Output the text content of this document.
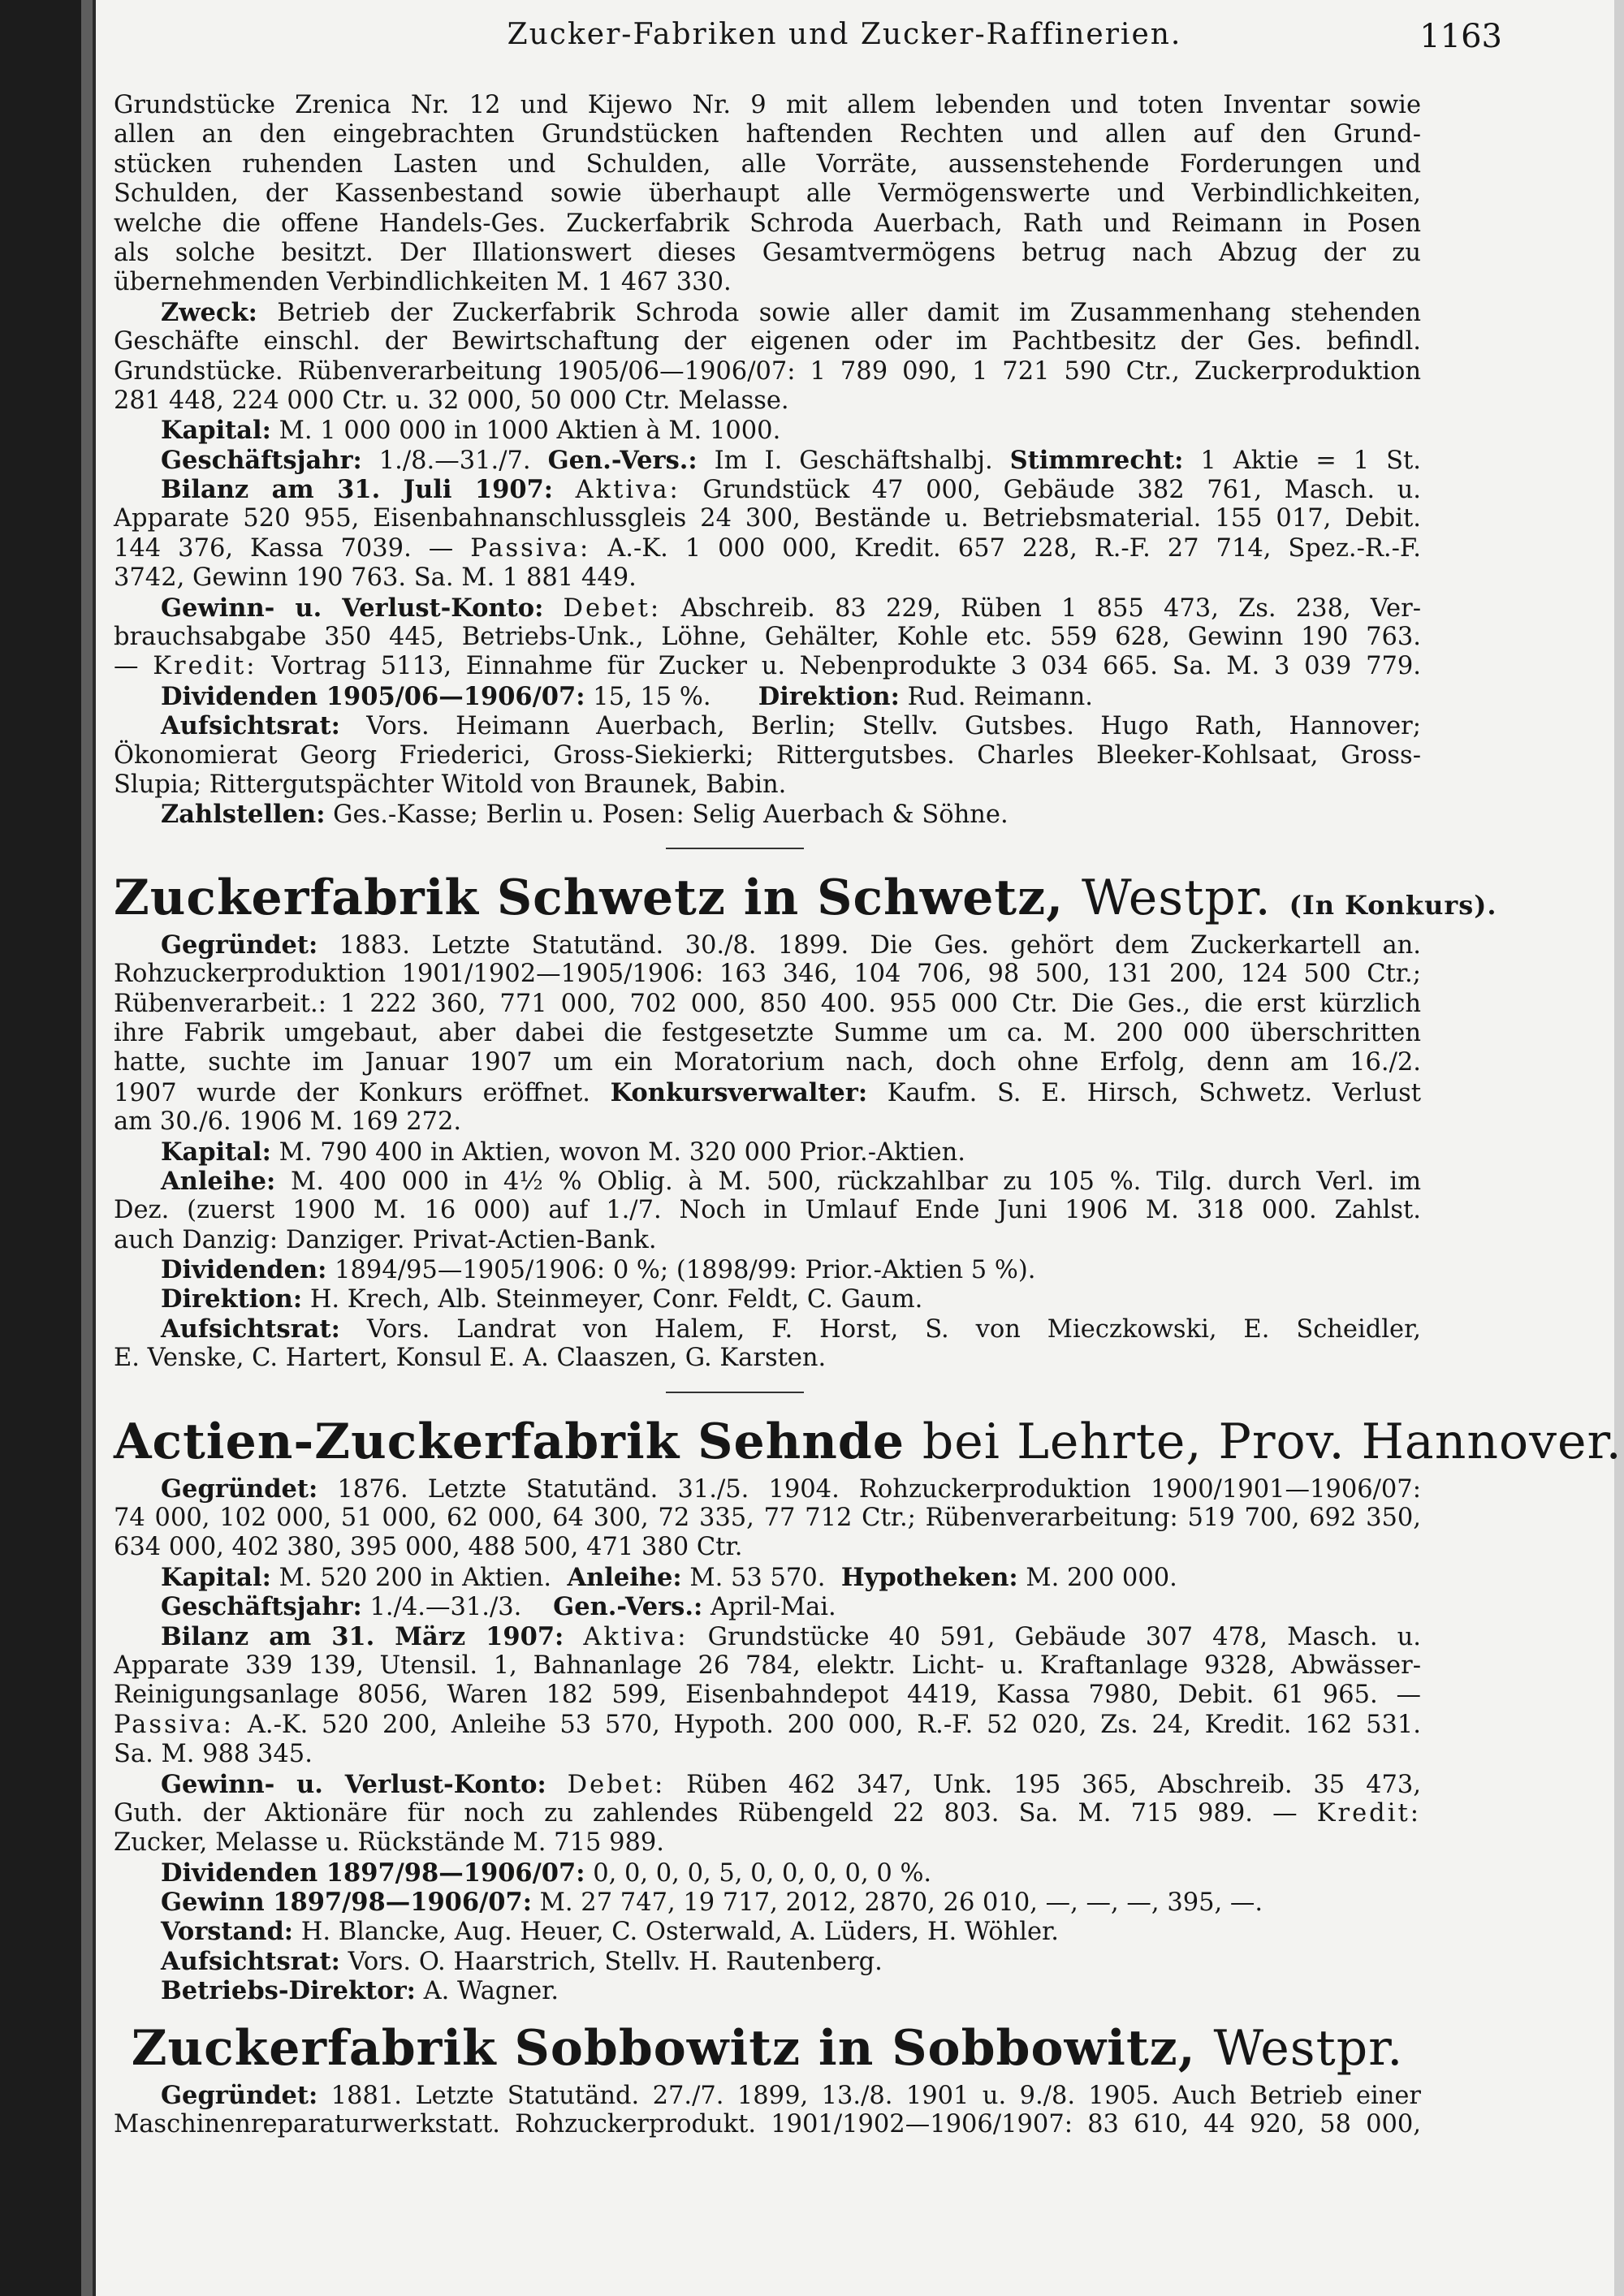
Zucker-Fabriken und Zucker-Raffinerien.	1163
Grundstücke Zrenica Nr. 12 und Kijewo Nr. 9 mit allem lebenden und toten Inventar sowie
allen an den eingebrachten Grundstücken haftenden Rechten und allen auf den Grund-
stücken ruhenden Lasten und Schulden, alle Vorräte, aussenstehende Forderungen und
Schulden, der Kassenbestand sowie überhaupt alle Vermögenswerte und Verbindlichkeiten,
welche die offene Handels-Ges. Zuckerfabrik Schroda Auerbach, Rath und Reimann in Posen
als solche besitzt. Der Illationswert dieses Gesamtvermögens betrug nach Abzug der zu
übernehmenden Verbindlichkeiten M. 1 467 330.
Zweck: Betrieb der Zuckerfabrik Schroda sowie aller damit im Zusammenhang stehenden
Geschäfte einschl. der Bewirtschaftung der eigenen oder im Pachtbesitz der Ges. befindl.
Grundstücke. Rübenverarbeitung 1905/06—1906/07: 1 789 090, 1 721 590 Ctr., Zuckerproduktion
281 448, 224 000 Ctr. u. 32 000, 50 000 Ctr. Melasse.
Kapital: M. 1 000 000 in 1000 Aktien à M. 1000.
Geschäftsjahr: 1./8.—31./7. Gen.-Vers.: Im I. Geschäftshalbj. Stimmrecht: 1 Aktie = 1 St.
Bilanz am 31. Juli 1907: Aktiva: Grundstück 47 000, Gebäude 382 761, Masch. u.
Apparate 520 955, Eisenbahnanschlussgleis 24 300, Bestände u. Betriebsmaterial. 155 017, Debit.
144 376, Kassa 7039. — Passiva: A.-K. 1 000 000, Kredit. 657 228, R.-F. 27 714, Spez.-R.-F.
3742, Gewinn 190 763. Sa. M. 1 881 449.
Gewinn- u. Verlust-Konto: Debet: Abschreib. 83 229, Rüben 1 855 473, Zs. 238, Ver-
brauchsabgabe 350 445, Betriebs-Unk., Löhne, Gehälter, Kohle etc. 559 628, Gewinn 190 763.
— Kredit: Vortrag 5113, Einnahme für Zucker u. Nebenprodukte 3 034 665. Sa. M. 3 039 779.
Dividenden 1905/06—1906/07: 15, 15 %. Direktion: Rud. Reimann.
Aufsichtsrat: Vors. Heimann Auerbach, Berlin; Stellv. Gutsbes. Hugo Rath, Hannover;
Ökonomierat Georg Friederici, Gross-Siekierki; Rittergutsbes. Charles Bleeker-Kohlsaat, Gross-
Slupia; Rittergutspächter Witold von Braunek, Babin.
Zahlstellen: Ges.-Kasse; Berlin u. Posen: Selig Auerbach & Söhne.
Zuckerfabrik Schwetz in Schwetz, Westpr. (In Konkurs).
Gegründet: 1883. Letzte Statutänd. 30./8. 1899. Die Ges. gehört dem Zuckerkartell an.
Rohzuckerproduktion 1901/1902—1905/1906: 163 346, 104 706, 98 500, 131 200, 124 500 Ctr.;
Rübenverarbeit.: 1 222 360, 771 000, 702 000, 850 400. 955 000 Ctr. Die Ges., die erst kürzlich
ihre Fabrik umgebaut, aber dabei die festgesetzte Summe um ca. M. 200 000 überschritten
hatte, suchte im Januar 1907 um ein Moratorium nach, doch ohne Erfolg, denn am 16./2.
1907 wurde der Konkurs eröffnet. Konkursverwalter: Kaufm. S. E. Hirsch, Schwetz. Verlust
am 30./6. 1906 M. 169 272.
Kapital: M. 790 400 in Aktien, wovon M. 320 000 Prior.-Aktien.
Anleihe: M. 400 000 in 4½ % Oblig. à M. 500, rückzahlbar zu 105 %. Tilg. durch Verl. im
Dez. (zuerst 1900 M. 16 000) auf 1./7. Noch in Umlauf Ende Juni 1906 M. 318 000. Zahlst.
auch Danzig: Danziger. Privat-Actien-Bank.
Dividenden: 1894/95—1905/1906: 0 %; (1898/99: Prior.-Aktien 5 %).
Direktion: H. Krech, Alb. Steinmeyer, Conr. Feldt, C. Gaum.
Aufsichtsrat: Vors. Landrat von Halem, F. Horst, S. von Mieczkowski, E. Scheidler,
E. Venske, C. Hartert, Konsul E. A. Claaszen, G. Karsten.
Actien-Zuckerfabrik Sehnde bei Lehrte, Prov. Hannover.
Gegründet: 1876. Letzte Statutänd. 31./5. 1904. Rohzuckerproduktion 1900/1901—1906/07:
74 000, 102 000, 51 000, 62 000, 64 300, 72 335, 77 712 Ctr.; Rübenverarbeitung: 519 700, 692 350,
634 000, 402 380, 395 000, 488 500, 471 380 Ctr.
Kapital: M. 520 200 in Aktien. Anleihe: M. 53 570. Hypotheken: M. 200 000.
Geschäftsjahr: 1./4.—31./3. Gen.-Vers.: April-Mai.
Bilanz am 31. März 1907: Aktiva: Grundstücke 40 591, Gebäude 307 478, Masch. u.
Apparate 339 139, Utensil. 1, Bahnanlage 26 784, elektr. Licht- u. Kraftanlage 9328, Abwässer-
Reinigungsanlage 8056, Waren 182 599, Eisenbahndepot 4419, Kassa 7980, Debit. 61 965. —
Passiva: A.-K. 520 200, Anleihe 53 570, Hypoth. 200 000, R.-F. 52 020, Zs. 24, Kredit. 162 531.
Sa. M. 988 345.
Gewinn- u. Verlust-Konto: Debet: Rüben 462 347, Unk. 195 365, Abschreib. 35 473,
Guth. der Aktionäre für noch zu zahlendes Rübengeld 22 803. Sa. M. 715 989. — Kredit:
Zucker, Melasse u. Rückstände M. 715 989.
Dividenden 1897/98—1906/07: 0, 0, 0, 0, 5, 0, 0, 0, 0, 0 %.
Gewinn 1897/98—1906/07: M. 27 747, 19 717, 2012, 2870, 26 010, —, —, —, 395, —.
Vorstand: H. Blancke, Aug. Heuer, C. Osterwald, A. Lüders, H. Wöhler.
Aufsichtsrat: Vors. O. Haarstrich, Stellv. H. Rautenberg.
Betriebs-Direktor: A. Wagner.
Zuckerfabrik Sobbowitz in Sobbowitz, Westpr.
Gegründet: 1881. Letzte Statutänd. 27./7. 1899, 13./8. 1901 u. 9./8. 1905. Auch Betrieb einer
Maschinenreparaturwerkstatt. Rohzuckerprodukt. 1901/1902—1906/1907: 83 610, 44 920, 58 000,
